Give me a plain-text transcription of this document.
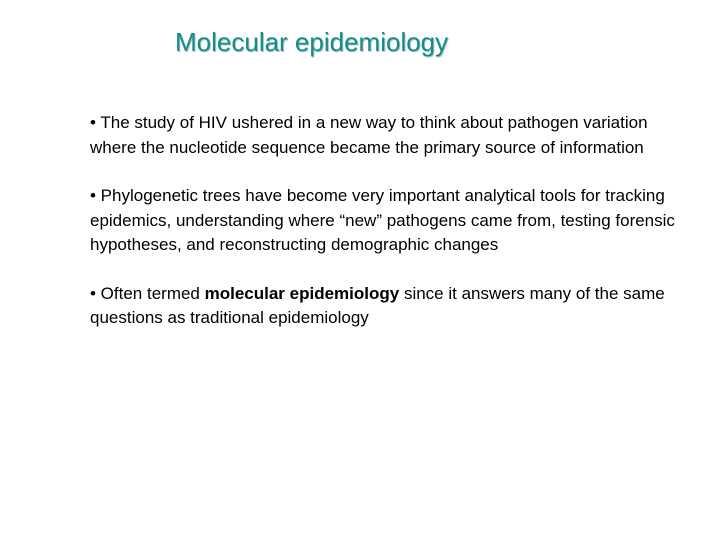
Molecular epidemiology

• The study of HIV ushered in a new way to think about pathogen variation where the nucleotide sequence became the primary source of information

• Phylogenetic trees have become very important analytical tools for tracking epidemics, understanding where “new” pathogens came from, testing forensic hypotheses, and reconstructing demographic changes

• Often termed molecular epidemiology since it answers many of the same questions as traditional epidemiology
